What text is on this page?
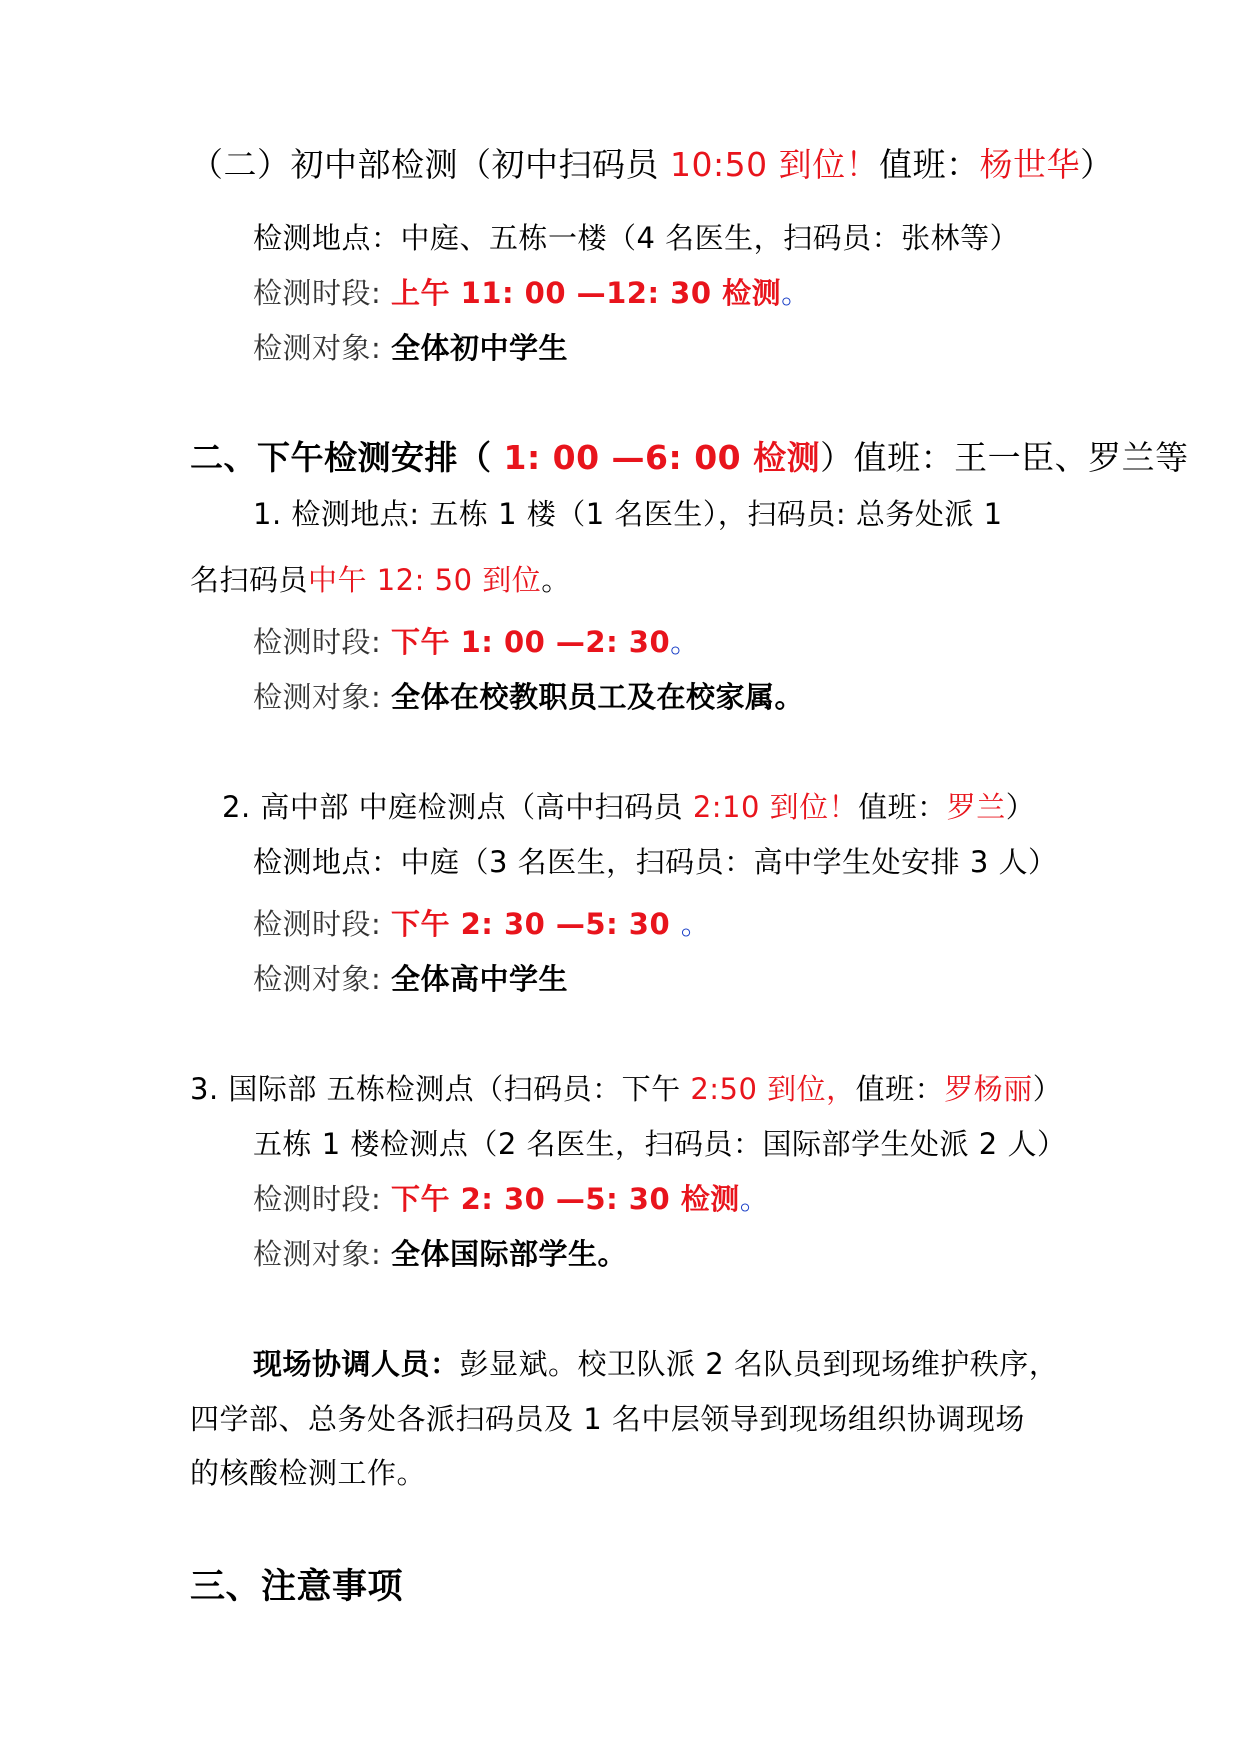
（二）初中部检测（初中扫码员 10:50 到位！值班：杨世华）
检测地点：中庭、五栋一楼（4 名医生，扫码员：张林等）
检测时段: 上午 11: 00 —12: 30 检测。
检测对象: 全体初中学生
二、下午检测安排（ 1: 00 —6: 00 检测）值班：王一臣、罗兰等
1. 检测地点: 五栋 1 楼（1 名医生），扫码员: 总务处派 1
名扫码员中午 12: 50 到位。
检测时段: 下午 1: 00 —2: 30。
检测对象: 全体在校教职员工及在校家属。
2. 高中部 中庭检测点（高中扫码员 2:10 到位！值班：罗兰）
检测地点：中庭（3 名医生，扫码员：高中学生处安排 3 人）
检测时段: 下午 2: 30 —5: 30 。
检测对象: 全体高中学生
3. 国际部 五栋检测点（扫码员：下午 2:50 到位，值班：罗杨丽）
五栋 1 楼检测点（2 名医生，扫码员：国际部学生处派 2 人）
检测时段: 下午 2: 30 —5: 30 检测。
检测对象: 全体国际部学生。
现场协调人员：彭显斌。校卫队派 2 名队员到现场维护秩序，
四学部、总务处各派扫码员及 1 名中层领导到现场组织协调现场
的核酸检测工作。
三、注意事项
